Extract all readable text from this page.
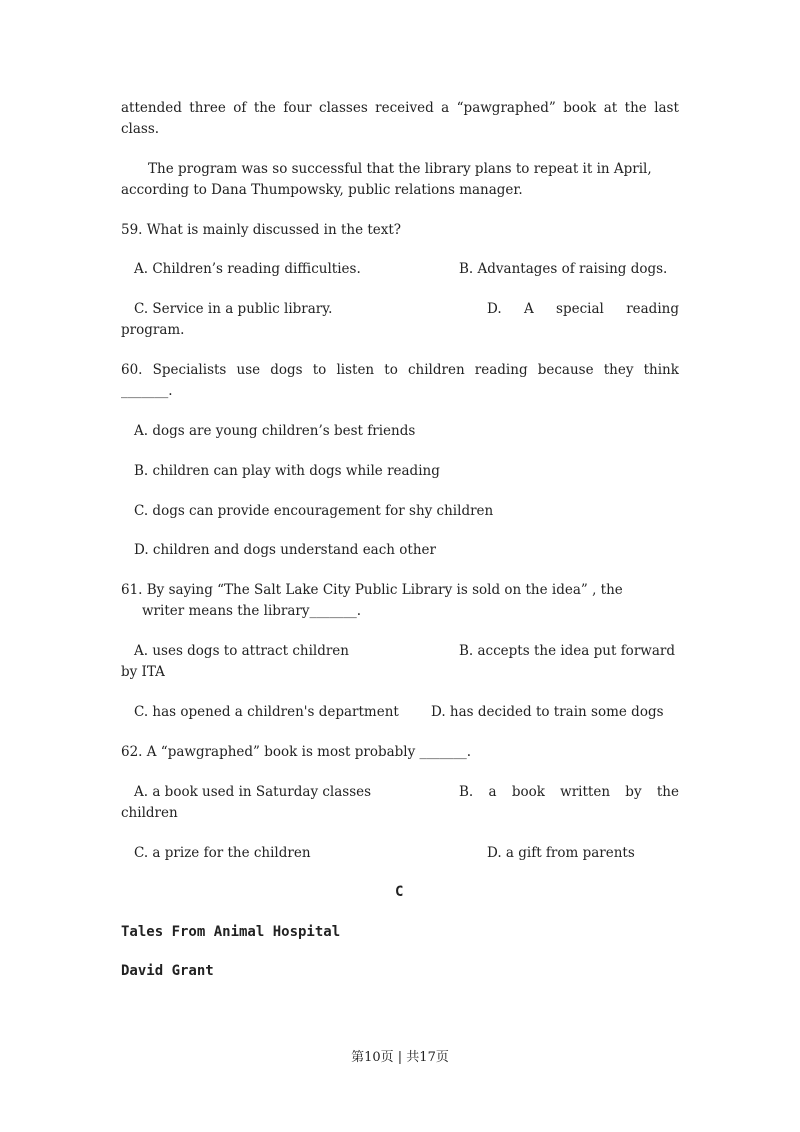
attended three of the four classes received a “pawgraphed” book at the last
class.
The program was so successful that the library plans to repeat it in April,
according to Dana Thumpowsky, public relations manager.
59. What is mainly discussed in the text?
A. Children’s reading difficulties.	B. Advantages of raising dogs.
C. Service in a public library.	D. A special reading
program.
60. Specialists use dogs to listen to children reading because they think
_______.
A. dogs are young children’s best friends
B. children can play with dogs while reading
C. dogs can provide encouragement for shy children
D. children and dogs understand each other
61. By saying “The Salt Lake City Public Library is sold on the idea” , the
writer means the library_______.
A. uses dogs to attract children	B. accepts the idea put forward
by ITA
C. has opened a children's department D. has decided to train some dogs
62. A “pawgraphed” book is most probably _______.
A. a book used in Saturday classes	B. a book written by the
children
C. a prize for the children	D. a gift from parents
C
Tales From Animal Hospital
David Grant
第10页 | 共17页
